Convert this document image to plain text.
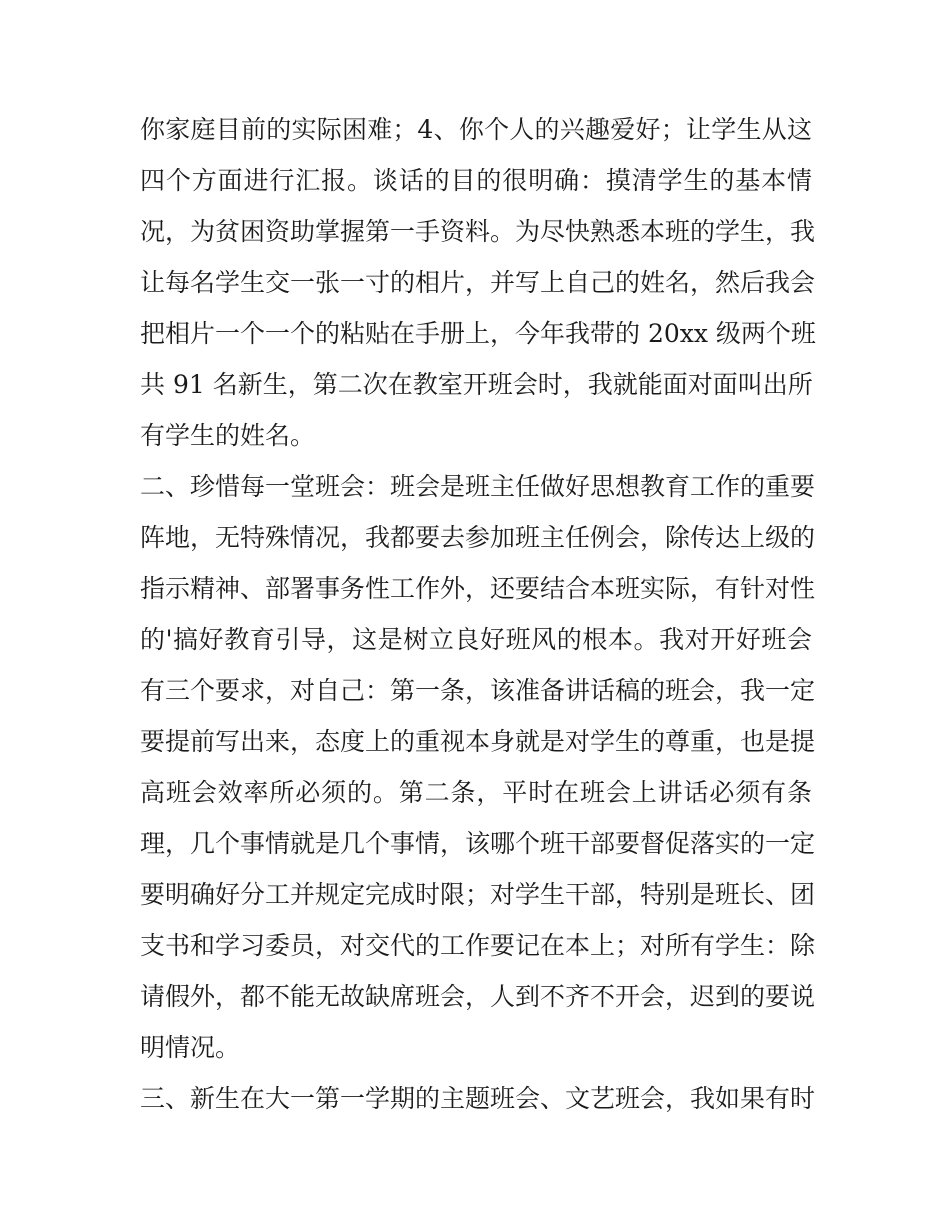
你家庭目前的实际困难；4、你个人的兴趣爱好；让学生从这
四个方面进行汇报。谈话的目的很明确：摸清学生的基本情
况，为贫困资助掌握第一手资料。为尽快熟悉本班的学生，我
让每名学生交一张一寸的相片，并写上自己的姓名，然后我会
把相片一个一个的粘贴在手册上，今年我带的 20xx 级两个班
共 91 名新生，第二次在教室开班会时，我就能面对面叫出所
有学生的姓名。
二、珍惜每一堂班会：班会是班主任做好思想教育工作的重要
阵地，无特殊情况，我都要去参加班主任例会，除传达上级的
指示精神、部署事务性工作外，还要结合本班实际，有针对性
的'搞好教育引导，这是树立良好班风的根本。我对开好班会
有三个要求，对自己：第一条，该准备讲话稿的班会，我一定
要提前写出来，态度上的重视本身就是对学生的尊重，也是提
高班会效率所必须的。第二条，平时在班会上讲话必须有条
理，几个事情就是几个事情，该哪个班干部要督促落实的一定
要明确好分工并规定完成时限；对学生干部，特别是班长、团
支书和学习委员，对交代的工作要记在本上；对所有学生：除
请假外，都不能无故缺席班会，人到不齐不开会，迟到的要说
明情况。
三、新生在大一第一学期的主题班会、文艺班会，我如果有时
